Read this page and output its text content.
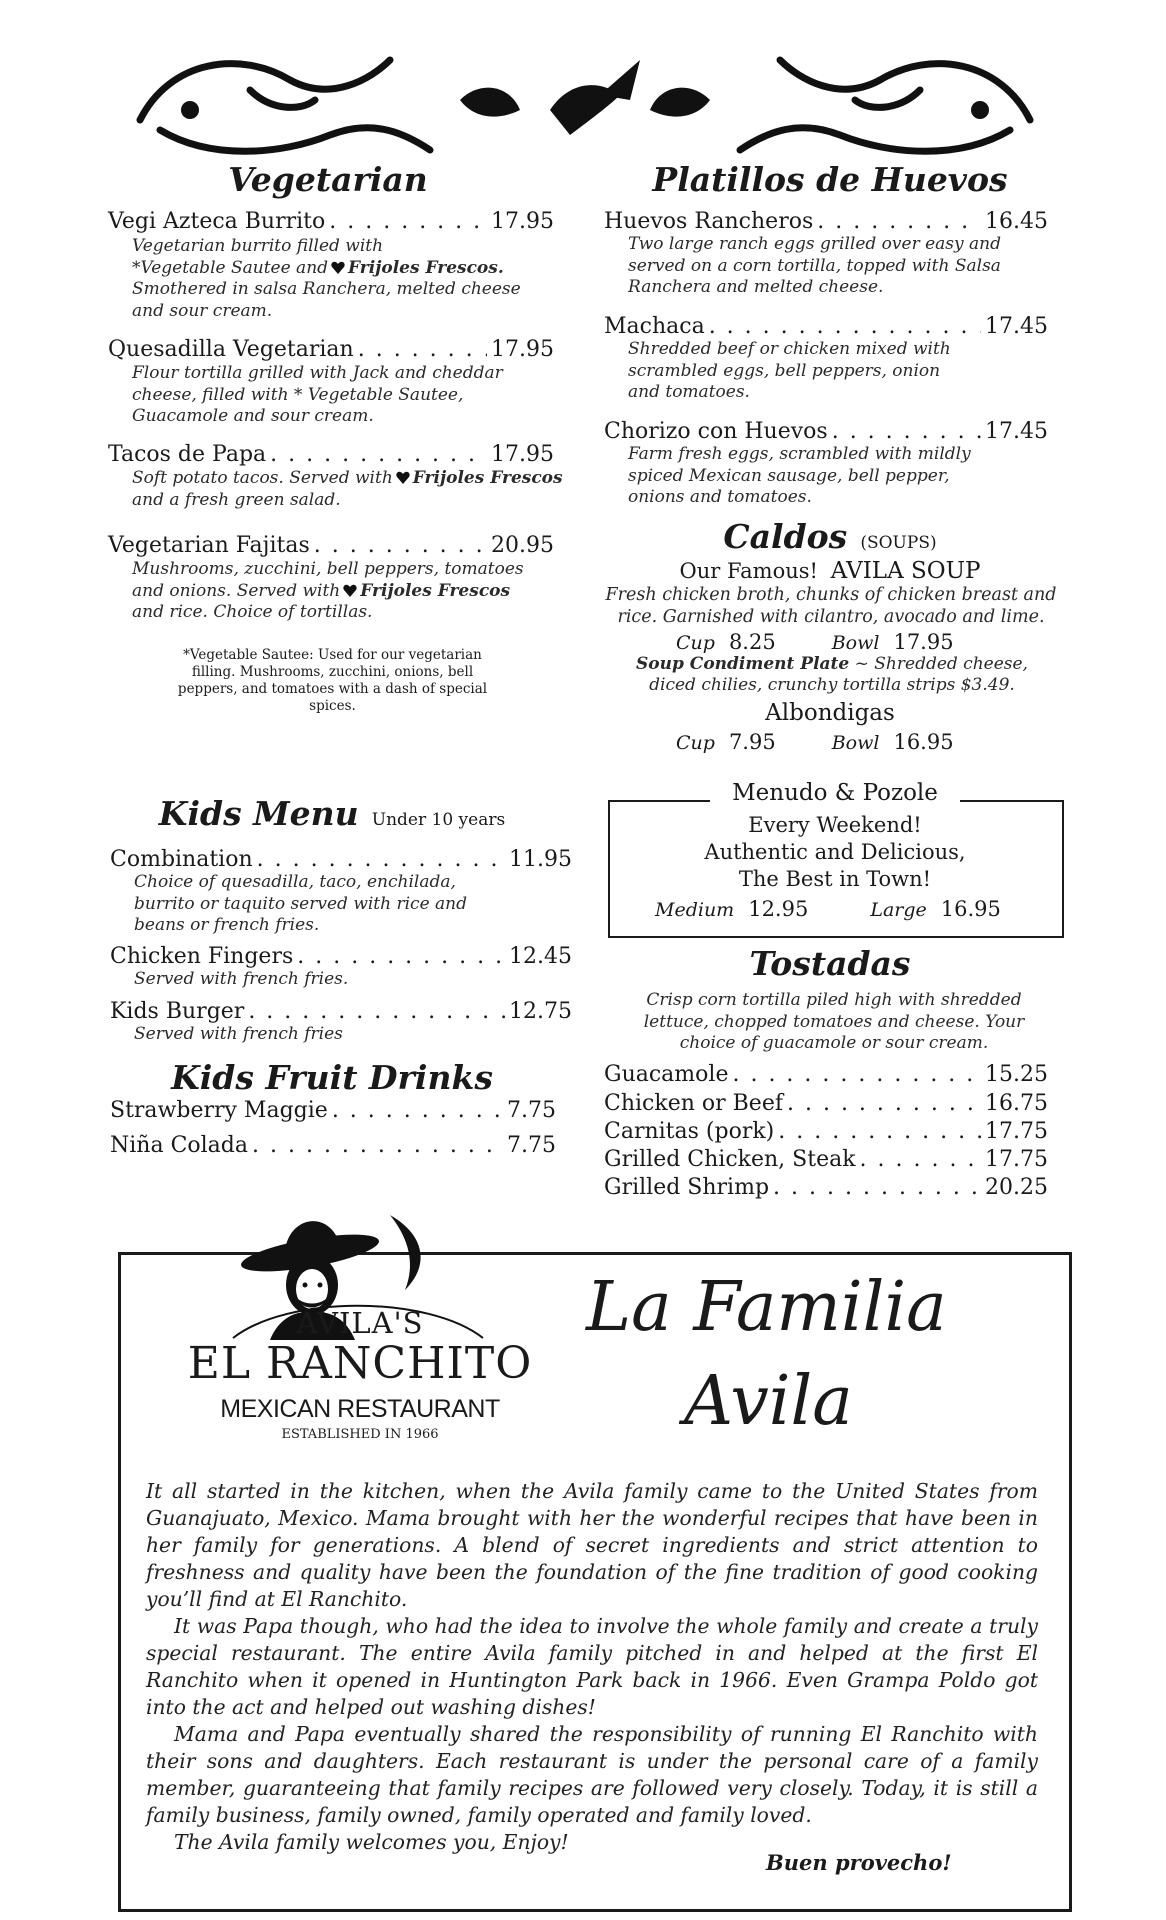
Vegetarian
Vegi Azteca Burrito . . .	17.95
Vegetarian burrito filled with
*Vegetable Sautee and Frijoles Frescos.
Smothered in salsa Ranchera, melted cheese and sour cream.
Quesadilla Vegetarian . . .	17.95
Flour tortilla grilled with Jack and cheddar cheese, filled with * Vegetable Sautee, Guacamole and sour cream.
Tacos de Papa . . .	17.95
Soft potato tacos. Served with Frijoles Frescos
and a fresh green salad.
Vegetarian Fajitas . . .	20.95
Mushrooms, zucchini, bell peppers, tomatoes and onions. Served with Frijoles Frescos and rice. Choice of tortillas.
*Vegetable Sautee: Used for our vegetarian filling. Mushrooms, zucchini, onions, bell peppers, and tomatoes with a dash of special spices.
Platillos de Huevos
Huevos Rancheros . . .	16.45
Two large ranch eggs grilled over easy and served on a corn tortilla, topped with Salsa Ranchera and melted cheese.
Machaca . . .	17.45
Shredded beef or chicken mixed with scrambled eggs, bell peppers, onion and tomatoes.
Chorizo con Huevos . . .	17.45
Farm fresh eggs, scrambled with mildly spiced Mexican sausage, bell pepper, onions and tomatoes.
Caldos (SOUPS)
Our Famous! AVILA SOUP
Fresh chicken broth, chunks of chicken breast and rice. Garnished with cilantro, avocado and lime.
Cup 8.25	Bowl 17.95
Soup Condiment Plate ~ Shredded cheese, diced chilies, crunchy tortilla strips $3.49.
Albondigas
Cup 7.95	Bowl 16.95
Menudo & Pozole
Every Weekend!
Authentic and Delicious,
The Best in Town!
Medium 12.95	Large 16.95
Tostadas
Crisp corn tortilla piled high with shredded lettuce, chopped tomatoes and cheese. Your choice of guacamole or sour cream.
Guacamole . . .	15.25
Chicken or Beef . . .	16.75
Carnitas (pork) . . .	17.75
Grilled Chicken, Steak . . .	17.75
Grilled Shrimp . . .	20.25
Kids Menu Under 10 years
Combination . . .	11.95
Choice of quesadilla, taco, enchilada, burrito or taquito served with rice and beans or french fries.
Chicken Fingers . . .	12.45
Served with french fries.
Kids Burger . . .	12.75
Served with french fries
Kids Fruit Drinks
Strawberry Maggie . . .	7.75
Niña Colada . . .	7.75
AVILA'S
EL RANCHITO
MEXICAN RESTAURANT
ESTABLISHED IN 1966
La Familia
Avila

It all started in the kitchen, when the Avila family came to the United States from Guanajuato, Mexico. Mama brought with her the wonderful recipes that have been in her family for generations. A blend of secret ingredients and strict attention to freshness and quality have been the foundation of the fine tradition of good cooking you’ll find at El Ranchito.

It was Papa though, who had the idea to involve the whole family and create a truly special restaurant. The entire Avila family pitched in and helped at the first El Ranchito when it opened in Huntington Park back in 1966. Even Grampa Poldo got into the act and helped out washing dishes!

Mama and Papa eventually shared the responsibility of running El Ranchito with their sons and daughters. Each restaurant is under the personal care of a family member, guaranteeing that family recipes are followed very closely. Today, it is still a family business, family owned, family operated and family loved.

The Avila family welcomes you, Enjoy!

Buen provecho!
